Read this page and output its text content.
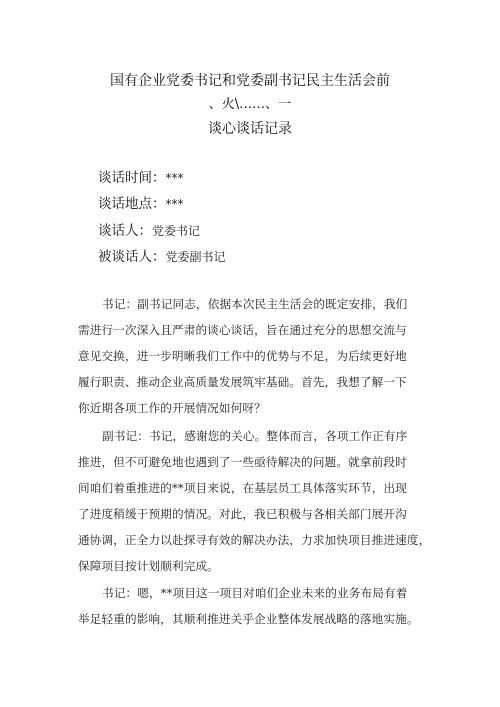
国有企业党委书记和党委副书记民主生活会前
、火\……、一
谈心谈话记录
谈话时间：***
谈话地点：***
谈话人：党委书记
被谈话人：党委副书记
书记：副书记同志，依据本次民主生活会的既定安排，我们
需进行一次深入且严肃的谈心谈话，旨在通过充分的思想交流与
意见交换，进一步明晰我们工作中的优势与不足，为后续更好地
履行职责、推动企业高质量发展筑牢基础。首先，我想了解一下
你近期各项工作的开展情况如何呀？
副书记：书记，感谢您的关心。整体而言，各项工作正有序
推进，但不可避免地也遇到了一些亟待解决的问题。就拿前段时
间咱们着重推进的**项目来说，在基层员工具体落实环节，出现
了进度稍缓于预期的情况。对此，我已积极与各相关部门展开沟
通协调，正全力以赴探寻有效的解决办法，力求加快项目推进速度，
保障项目按计划顺利完成。
书记：嗯，**项目这一项目对咱们企业未来的业务布局有着
举足轻重的影响，其顺利推进关乎企业整体发展战略的落地实施。
